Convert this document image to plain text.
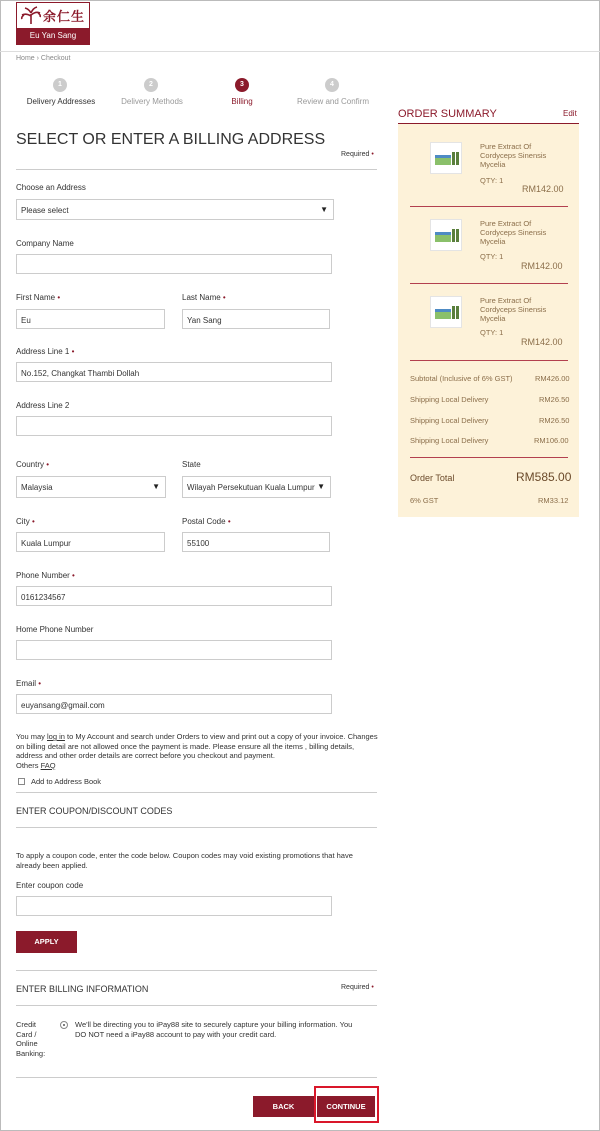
余仁生
Eu Yan Sang
Home › Checkout
1
Delivery Addresses
2
Delivery Methods
3
Billing
4
Review and Confirm
SELECT OR ENTER A BILLING ADDRESS
Required •
Choose an Address
Please select	▼
Company Name
First Name •
Eu
Last Name •
Yan Sang
Address Line 1 •
No.152, Changkat Thambi Dollah
Address Line 2
Country •
Malaysia	▼
State
Wilayah Persekutuan Kuala Lumpur ▼
City •
Kuala Lumpur
Postal Code •
55100
Phone Number •
0161234567
Home Phone Number
Email •
euyansang@gmail.com
You may log in to My Account and search under Orders to view and print out a copy of your invoice. Changes on billing detail are not allowed once the payment is made. Please ensure all the items , billing details, address and other order details are correct before you checkout and payment.
Others FAQ
Add to Address Book
ENTER COUPON/DISCOUNT CODES
To apply a coupon code, enter the code below. Coupon codes may void existing promotions that have already been applied.
Enter coupon code
APPLY
ENTER BILLING INFORMATION	Required •
Credit
Card /
Online
Banking:
We'll be directing you to iPay88 site to securely capture your billing information. You DO NOT need a iPay88 account to pay with your credit card.
BACK	CONTINUE
ORDER SUMMARY	Edit
Pure Extract Of Cordyceps Sinensis Mycelia
QTY: 1
RM142.00
Pure Extract Of Cordyceps Sinensis Mycelia
QTY: 1
RM142.00
Pure Extract Of Cordyceps Sinensis Mycelia
QTY: 1
RM142.00
Subtotal (Inclusive of 6% GST)	RM426.00
Shipping Local Delivery	RM26.50
Shipping Local Delivery	RM26.50
Shipping Local Delivery	RM106.00
Order Total	RM585.00
6% GST	RM33.12
